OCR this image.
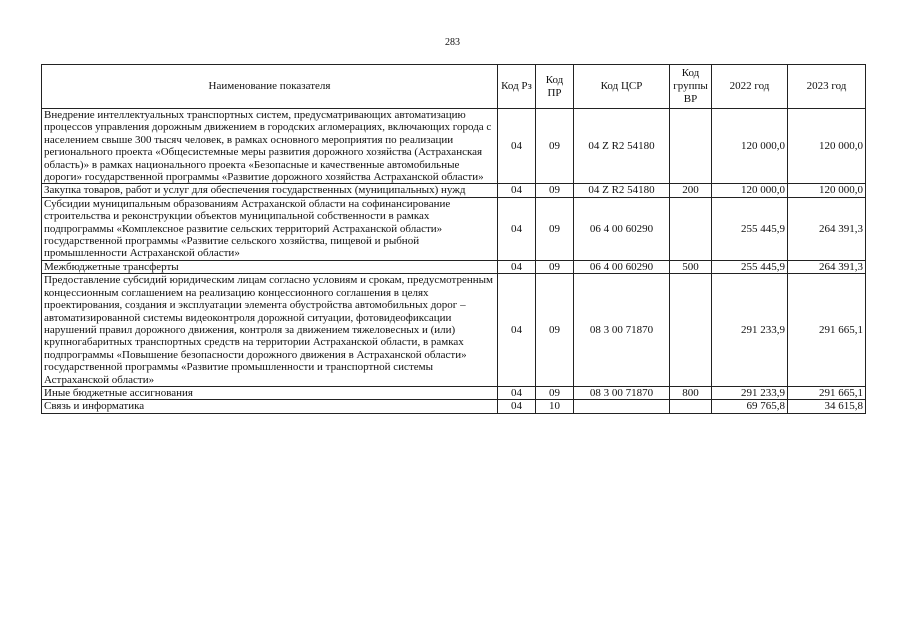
283
Наименование показателя	Код Рз	Код ПР	Код ЦСР	Код группы ВР	2022 год	2023 год
Внедрение интеллектуальных транспортных систем, предусматривающих автоматизацию процессов управления дорожным движением в городских агломерациях, включающих города с населением свыше 300 тысяч человек, в рамках основного мероприятия по реализации регионального проекта «Общесистемные меры развития дорожного хозяйства (Астраханская область)» в рамках национального проекта «Безопасные и качественные автомобильные дороги» государственной программы «Развитие дорожного хозяйства Астраханской области»	04	09	04 Z R2 54180		120 000,0	120 000,0
Закупка товаров, работ и услуг для обеспечения государственных (муниципальных) нужд	04	09	04 Z R2 54180	200	120 000,0	120 000,0
Субсидии муниципальным образованиям Астраханской области на софинансирование строительства и реконструкции объектов муниципальной собственности в рамках подпрограммы «Комплексное развитие сельских территорий Астраханской области» государственной программы «Развитие сельского хозяйства, пищевой и рыбной промышленности Астраханской области»	04	09	06 4 00 60290		255 445,9	264 391,3
Межбюджетные трансферты	04	09	06 4 00 60290	500	255 445,9	264 391,3
Предоставление субсидий юридическим лицам согласно условиям и срокам, предусмотренным концессионным соглашением на реализацию концессионного соглашения в целях проектирования, создания и эксплуатации элемента обустройства автомобильных дорог – автоматизированной системы видеоконтроля дорожной ситуации, фотовидеофиксации нарушений правил дорожного движения, контроля за движением тяжеловесных и (или) крупногабаритных транспортных средств на территории Астраханской области, в рамках подпрограммы «Повышение безопасности дорожного движения в Астраханской области» государственной программы «Развитие промышленности и транспортной системы Астраханской области»	04	09	08 3 00 71870		291 233,9	291 665,1
Иные бюджетные ассигнования	04	09	08 3 00 71870	800	291 233,9	291 665,1
Связь и информатика	04	10			69 765,8	34 615,8
